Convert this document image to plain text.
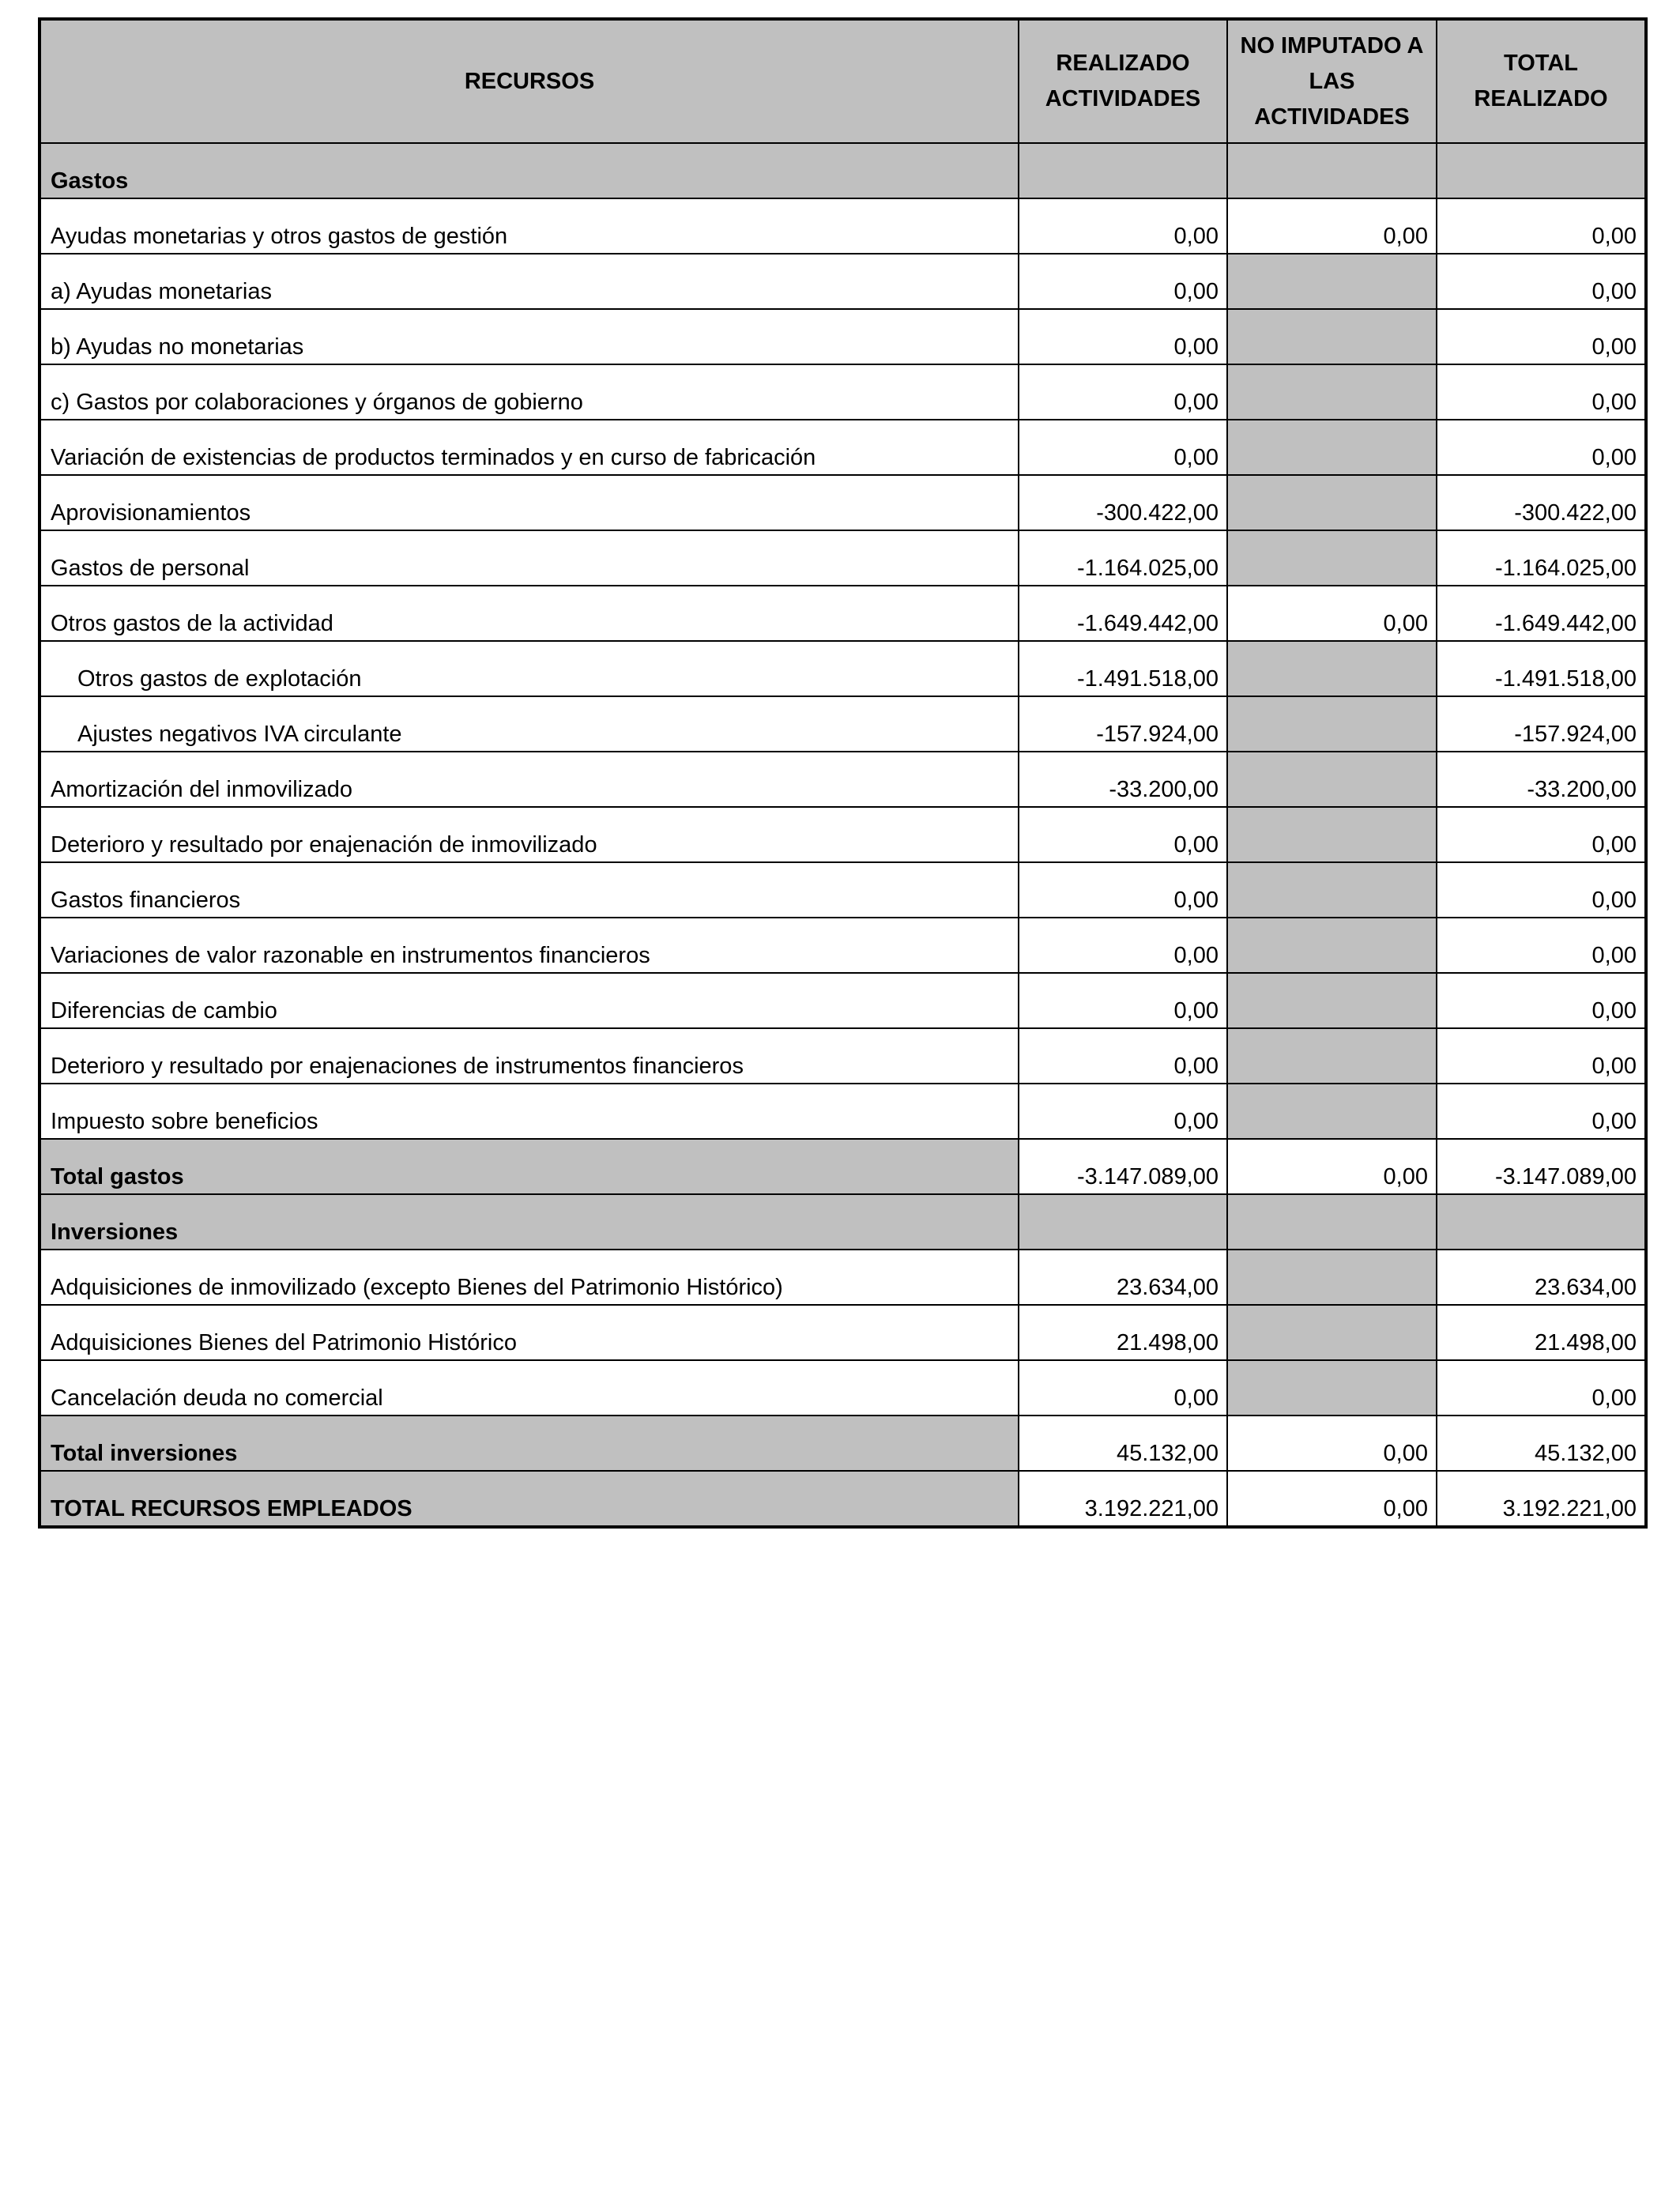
RECURSOS	REALIZADO ACTIVIDADES	NO IMPUTADO A LAS ACTIVIDADES	TOTAL REALIZADO
Gastos			
Ayudas monetarias y otros gastos de gestión	0,00	0,00	0,00
a) Ayudas monetarias	0,00		0,00
b) Ayudas no monetarias	0,00		0,00
c) Gastos por colaboraciones y órganos de gobierno	0,00		0,00
Variación de existencias de productos terminados y en curso de fabricación	0,00		0,00
Aprovisionamientos	-300.422,00		-300.422,00
Gastos de personal	-1.164.025,00		-1.164.025,00
Otros gastos de la actividad	-1.649.442,00	0,00	-1.649.442,00
Otros gastos de explotación	-1.491.518,00		-1.491.518,00
Ajustes negativos IVA circulante	-157.924,00		-157.924,00
Amortización del inmovilizado	-33.200,00		-33.200,00
Deterioro y resultado por enajenación de inmovilizado	0,00		0,00
Gastos financieros	0,00		0,00
Variaciones de valor razonable en instrumentos financieros	0,00		0,00
Diferencias de cambio	0,00		0,00
Deterioro y resultado por enajenaciones de instrumentos financieros	0,00		0,00
Impuesto sobre beneficios	0,00		0,00
Total gastos	-3.147.089,00	0,00	-3.147.089,00
Inversiones			
Adquisiciones de inmovilizado (excepto Bienes del Patrimonio Histórico)	23.634,00		23.634,00
Adquisiciones Bienes del Patrimonio Histórico	21.498,00		21.498,00
Cancelación deuda no comercial	0,00		0,00
Total inversiones	45.132,00	0,00	45.132,00
TOTAL RECURSOS EMPLEADOS	3.192.221,00	0,00	3.192.221,00
